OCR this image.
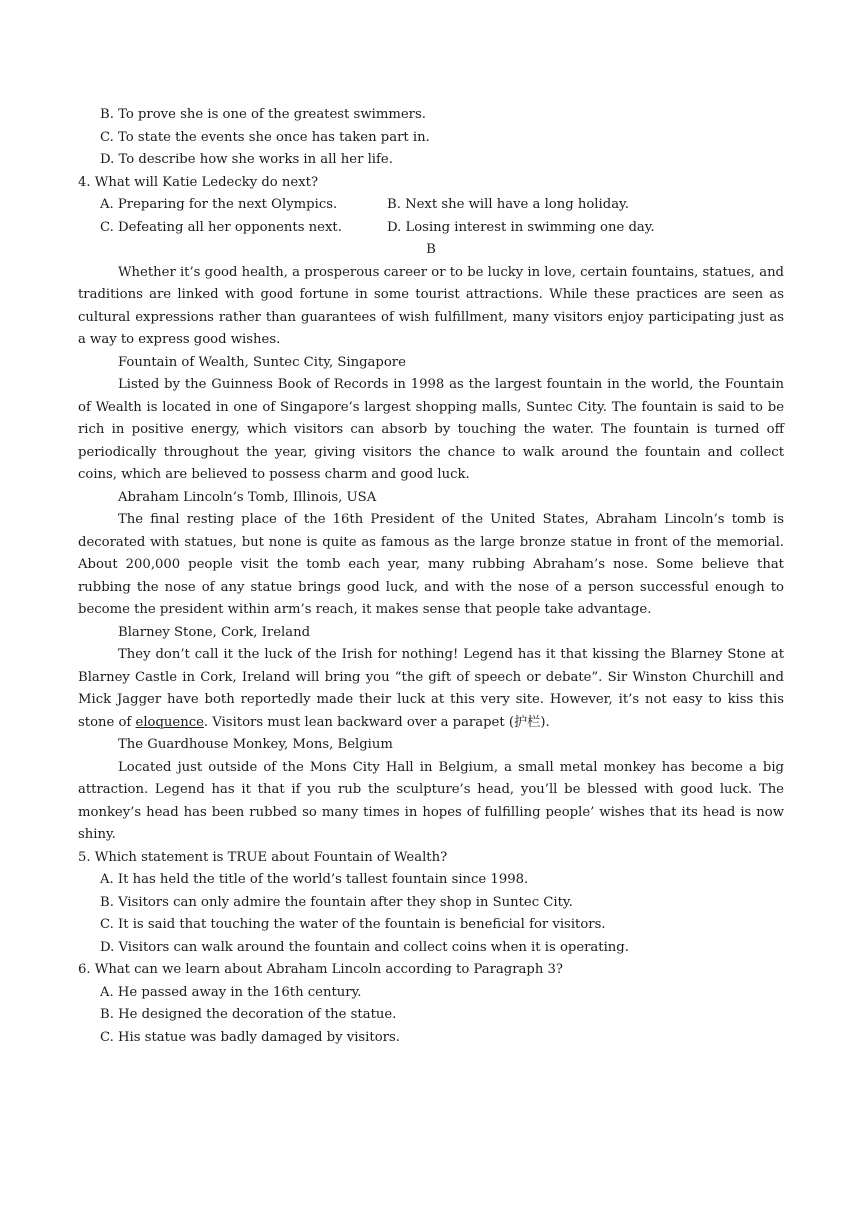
B. To prove she is one of the greatest swimmers.
C. To state the events she once has taken part in.
D. To describe how she works in all her life.
4. What will Katie Ledecky do next?
A. Preparing for the next Olympics.	B. Next she will have a long holiday.
C. Defeating all her opponents next.	D. Losing interest in swimming one day.
B

Whether it’s good health, a prosperous career or to be lucky in love, certain fountains, statues, and traditions are linked with good fortune in some tourist attractions. While these practices are seen as cultural expressions rather than guarantees of wish fulfillment, many visitors enjoy participating just as a way to express good wishes.

Fountain of Wealth, Suntec City, Singapore

Listed by the Guinness Book of Records in 1998 as the largest fountain in the world, the Fountain of Wealth is located in one of Singapore’s largest shopping malls, Suntec City. The fountain is said to be rich in positive energy, which visitors can absorb by touching the water. The fountain is turned off periodically throughout the year, giving visitors the chance to walk around the fountain and collect coins, which are believed to possess charm and good luck.

Abraham Lincoln’s Tomb, Illinois, USA

The final resting place of the 16th President of the United States, Abraham Lincoln’s tomb is decorated with statues, but none is quite as famous as the large bronze statue in front of the memorial. About 200,000 people visit the tomb each year, many rubbing Abraham’s nose. Some believe that rubbing the nose of any statue brings good luck, and with the nose of a person successful enough to become the president within arm’s reach, it makes sense that people take advantage.

Blarney Stone, Cork, Ireland

They don’t call it the luck of the Irish for nothing! Legend has it that kissing the Blarney Stone at Blarney Castle in Cork, Ireland will bring you “the gift of speech or debate”. Sir Winston Churchill and Mick Jagger have both reportedly made their luck at this very site. However, it’s not easy to kiss this stone of eloquence. Visitors must lean backward over a parapet (护栏).

The Guardhouse Monkey, Mons, Belgium

Located just outside of the Mons City Hall in Belgium, a small metal monkey has become a big attraction. Legend has it that if you rub the sculpture’s head, you’ll be blessed with good luck. The monkey’s head has been rubbed so many times in hopes of fulfilling people’ wishes that its head is now shiny.

5. Which statement is TRUE about Fountain of Wealth?
A. It has held the title of the world’s tallest fountain since 1998.
B. Visitors can only admire the fountain after they shop in Suntec City.
C. It is said that touching the water of the fountain is beneficial for visitors.
D. Visitors can walk around the fountain and collect coins when it is operating.
6. What can we learn about Abraham Lincoln according to Paragraph 3?
A. He passed away in the 16th century.
B. He designed the decoration of the statue.
C. His statue was badly damaged by visitors.
